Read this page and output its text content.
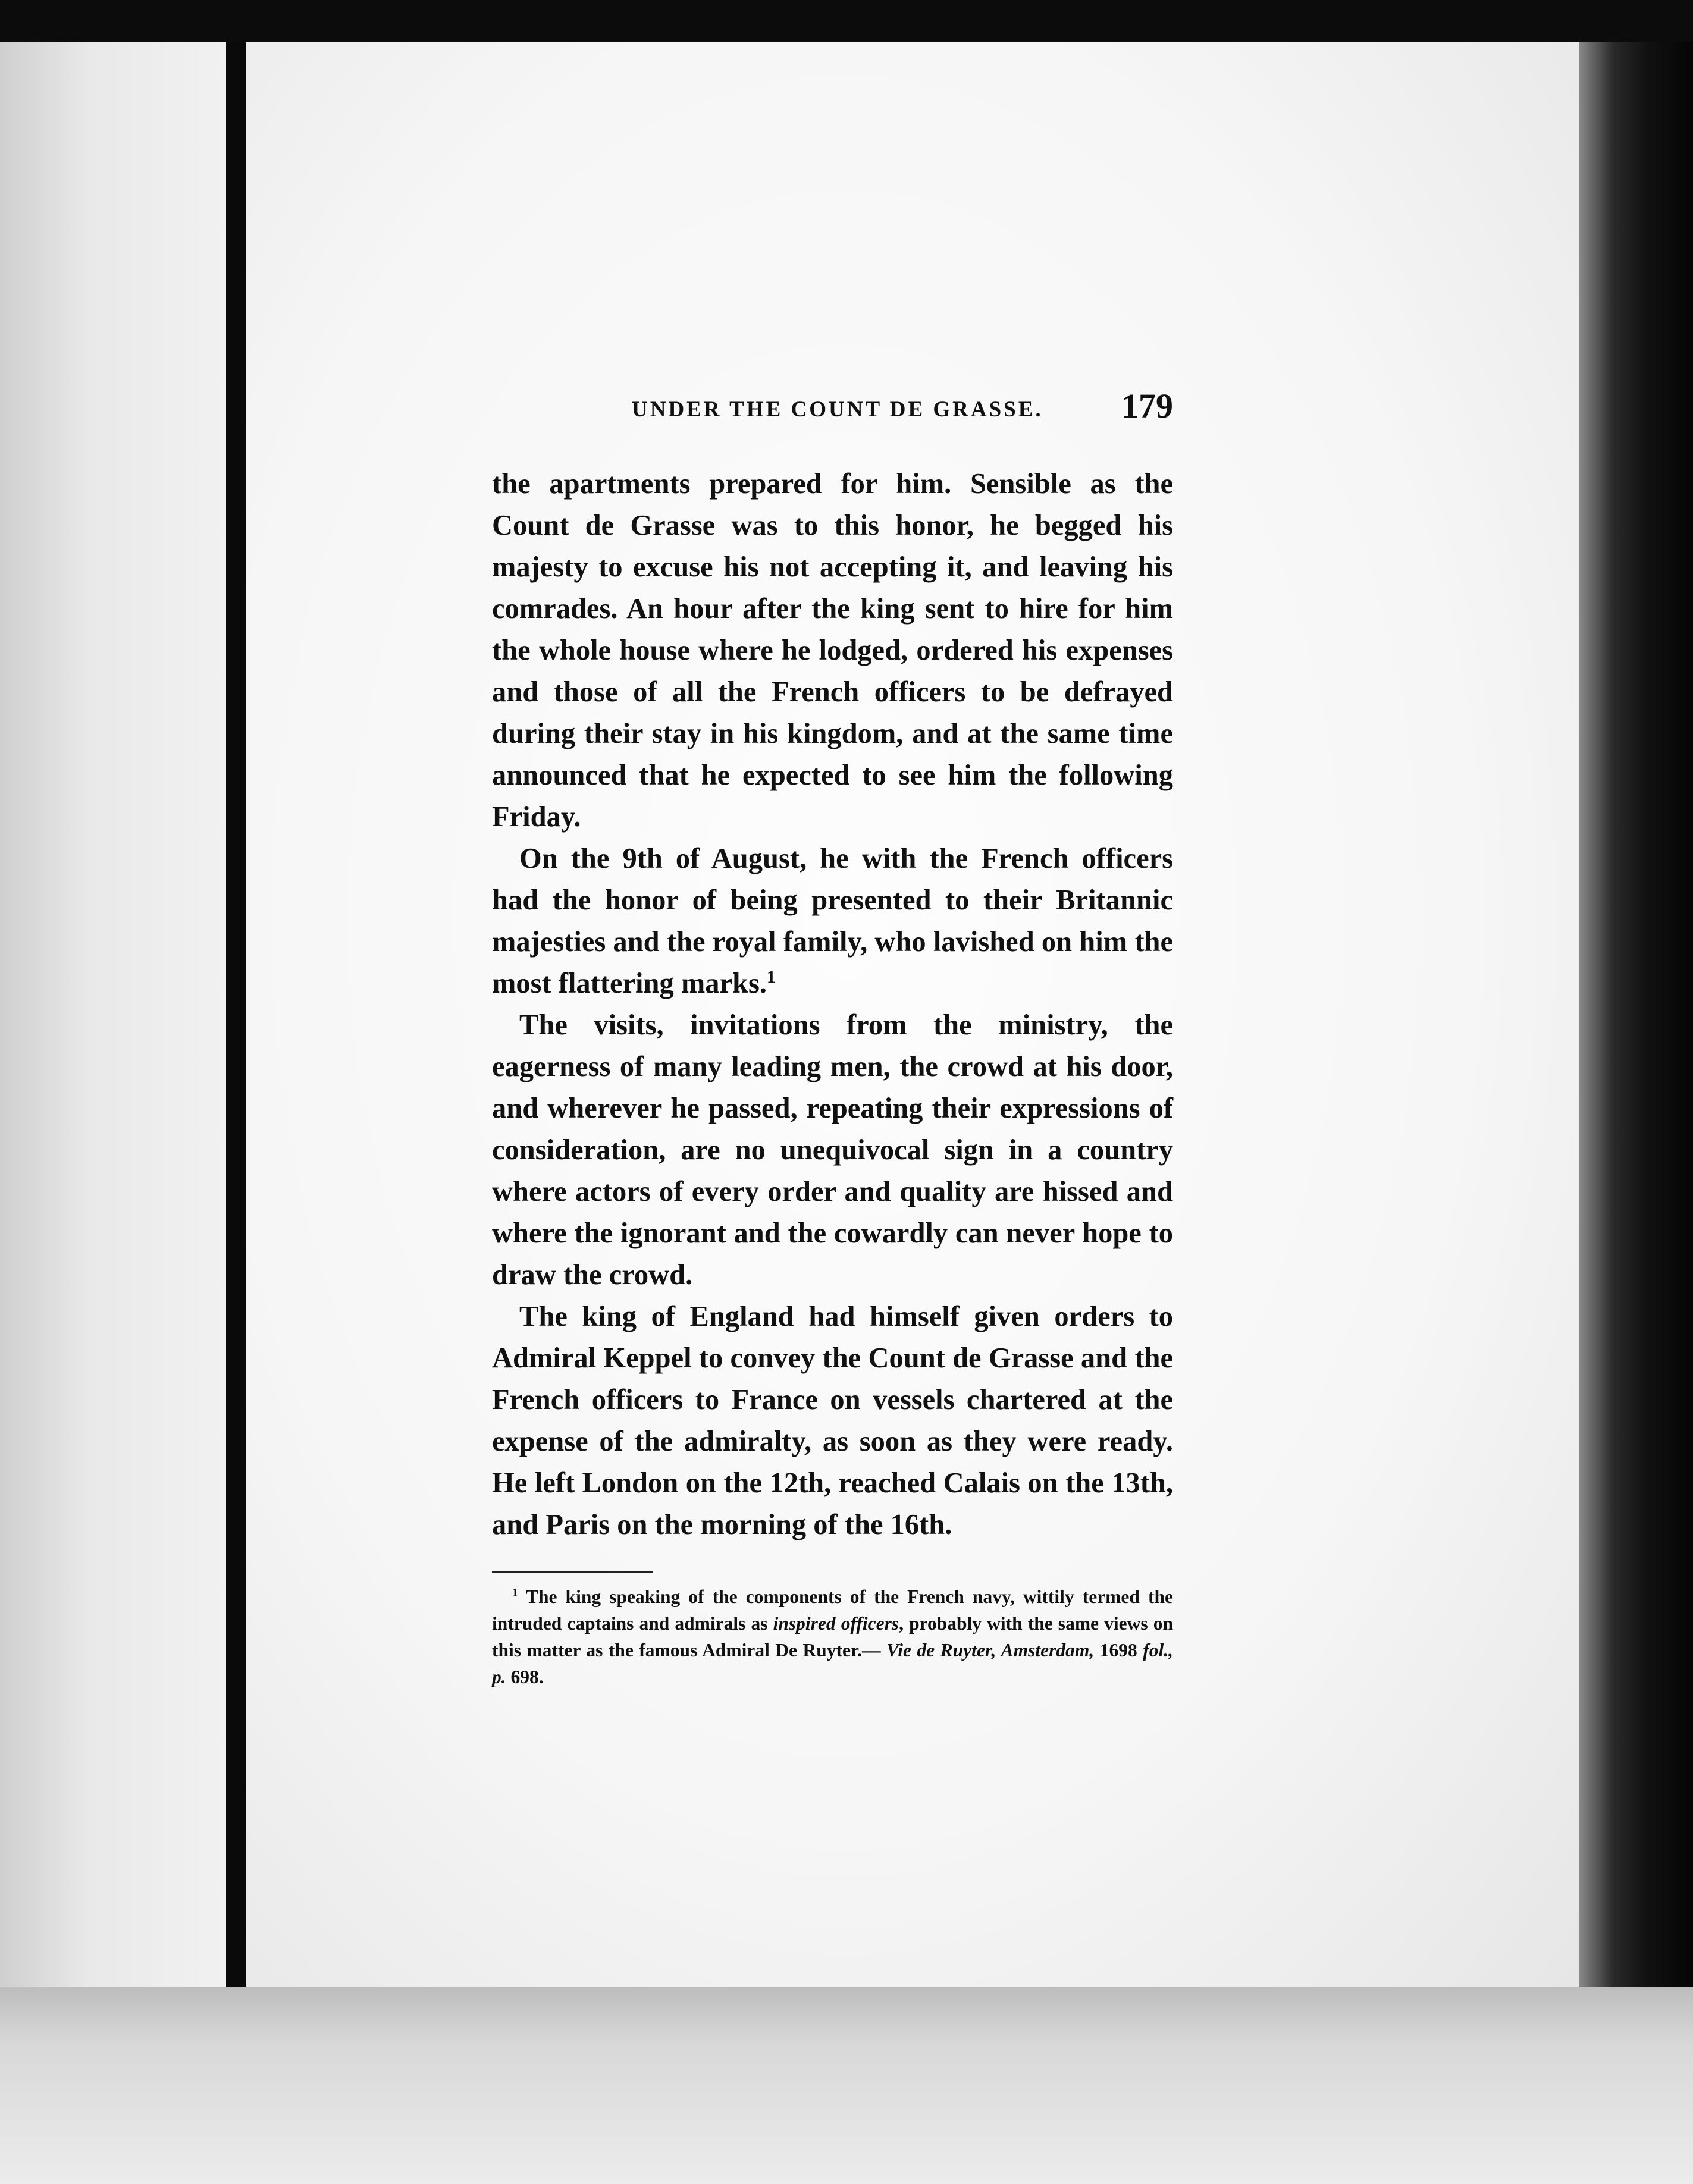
UNDER THE COUNT DE GRASSE. 179

the apartments prepared for him. Sensible as the Count de Grasse was to this honor, he begged his majesty to excuse his not accepting it, and leaving his comrades. An hour after the king sent to hire for him the whole house where he lodged, ordered his expenses and those of all the French officers to be defrayed during their stay in his kingdom, and at the same time announced that he expected to see him the following Friday.

On the 9th of August, he with the French officers had the honor of being presented to their Britannic majesties and the royal family, who lavished on him the most flattering marks.$^1$

The visits, invitations from the ministry, the eagerness of many leading men, the crowd at his door, and wherever he passed, repeating their expressions of consideration, are no unequivocal sign in a country where actors of every order and quality are hissed and where the ignorant and the cowardly can never hope to draw the crowd.

The king of England had himself given orders to Admiral Keppel to convey the Count de Grasse and the French officers to France on vessels chartered at the expense of the admiralty, as soon as they were ready. He left London on the 12th, reached Calais on the 13th, and Paris on the morning of the 16th.

$^1$ The king speaking of the components of the French navy, wittily termed the intruded captains and admirals as inspired officers, probably with the same views on this matter as the famous Admiral De Ruyter.— Vie de Ruyter, Amsterdam, 1698 fol., p. 698.
